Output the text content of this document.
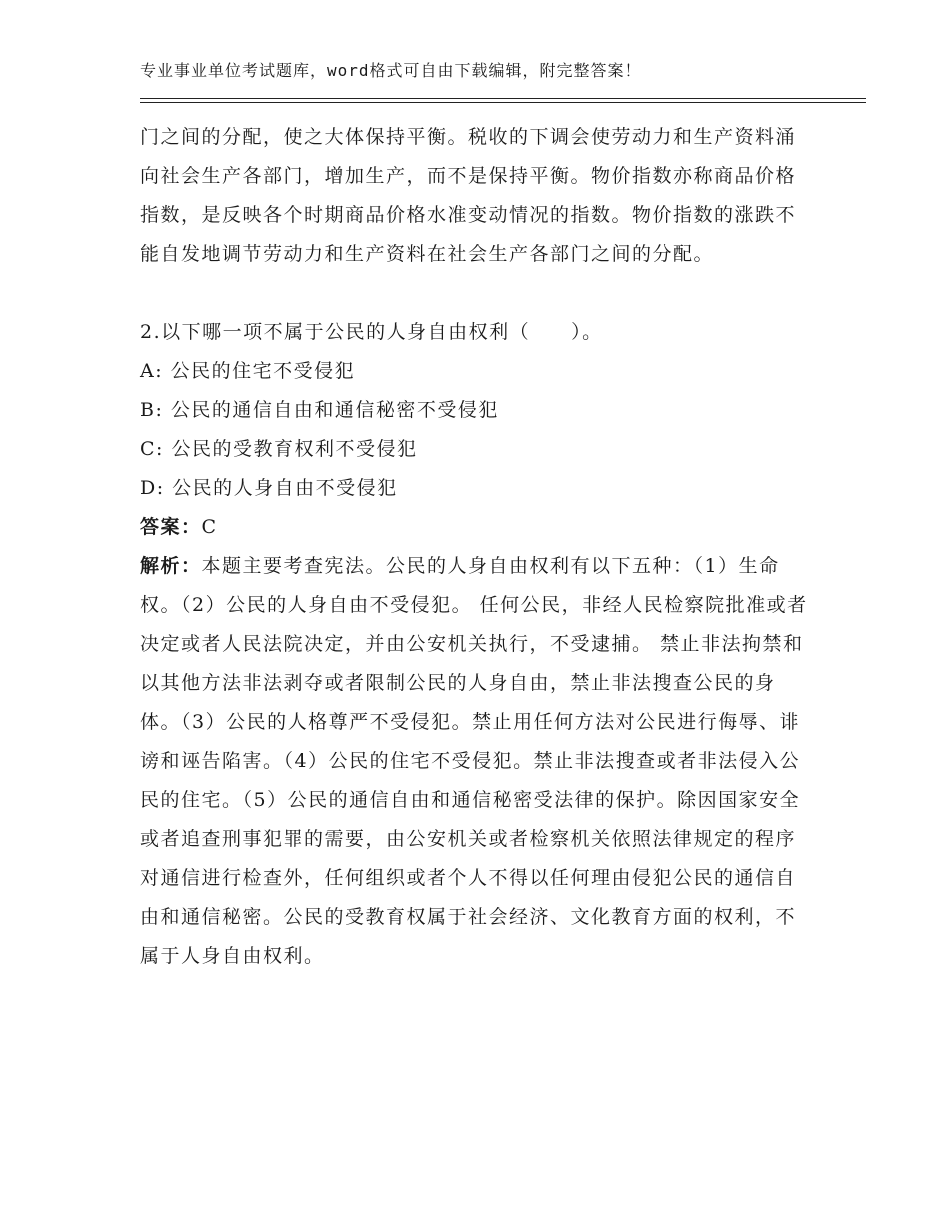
专业事业单位考试题库，word格式可自由下载编辑，附完整答案！

门之间的分配，使之大体保持平衡。税收的下调会使劳动力和生产资料涌向社会生产各部门，增加生产，而不是保持平衡。物价指数亦称商品价格指数，是反映各个时期商品价格水准变动情况的指数。物价指数的涨跌不能自发地调节劳动力和生产资料在社会生产各部门之间的分配。

2.以下哪一项不属于公民的人身自由权利（　　）。

A: 公民的住宅不受侵犯

B: 公民的通信自由和通信秘密不受侵犯

C: 公民的受教育权利不受侵犯

D: 公民的人身自由不受侵犯

答案：C

解析：本题主要考查宪法。公民的人身自由权利有以下五种：（1）生命权。（2）公民的人身自由不受侵犯。 任何公民，非经人民检察院批准或者决定或者人民法院决定，并由公安机关执行，不受逮捕。 禁止非法拘禁和以其他方法非法剥夺或者限制公民的人身自由，禁止非法搜查公民的身体。（3）公民的人格尊严不受侵犯。禁止用任何方法对公民进行侮辱、诽谤和诬告陷害。（4）公民的住宅不受侵犯。禁止非法搜查或者非法侵入公民的住宅。（5）公民的通信自由和通信秘密受法律的保护。除因国家安全或者追查刑事犯罪的需要，由公安机关或者检察机关依照法律规定的程序对通信进行检查外，任何组织或者个人不得以任何理由侵犯公民的通信自由和通信秘密。公民的受教育权属于社会经济、文化教育方面的权利，不属于人身自由权利。
